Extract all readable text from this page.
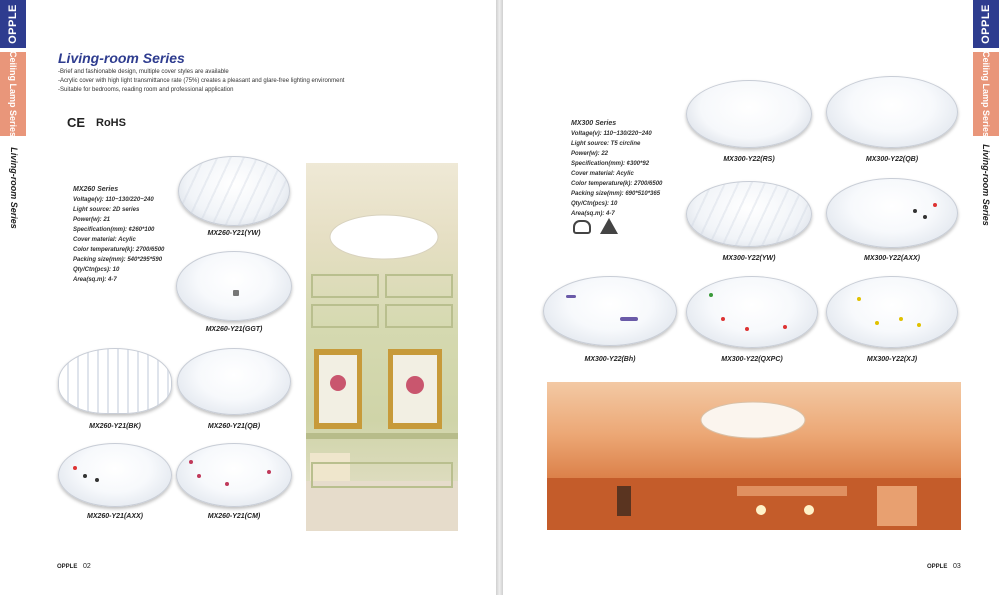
OPPLE
Ceiling Lamp Series
Living-room Series
Living-room Series
-Brief and fashionable design, multiple cover styles are available
-Acrylic cover with high light transmittance rate (75%) creates a pleasant and glare-free lighting environment
-Suitable for bedrooms, reading room and professional application
CE RoHS
MX260 Series
Voltage(v): 110~130/220~240
Light source: 2D series
Power(w): 21
Specification(mm): ¢260*100
Cover material: Acylic
Color temperature(k): 2700/6500
Packing size(mm): 540*295*590
Qty/Ctn(pcs): 10
Area(sq.m): 4-7
MX260-Y21(YW)
MX260-Y21(GGT)
MX260-Y21(BK)	MX260-Y21(QB)
MX260-Y21(AXX)	MX260-Y21(CM)
OPPLE 02
OPPLE
Ceiling Lamp Series
Living-room Series
MX300 Series
Voltage(v): 110~130/220~240
Light source: T5 circline
Power(w): 22
Specification(mm): ¢300*92
Cover material: Acylic
Color temperature(k): 2700/6500
Packing size(mm): 690*510*365
Qty/Ctn(pcs): 10
Area(sq.m): 4-7
MX300-Y22(RS)	MX300-Y22(QB)
MX300-Y22(YW)	MX300-Y22(AXX)
MX300-Y22(Bh)	MX300-Y22(QXPC)	MX300-Y22(XJ)
OPPLE 03
